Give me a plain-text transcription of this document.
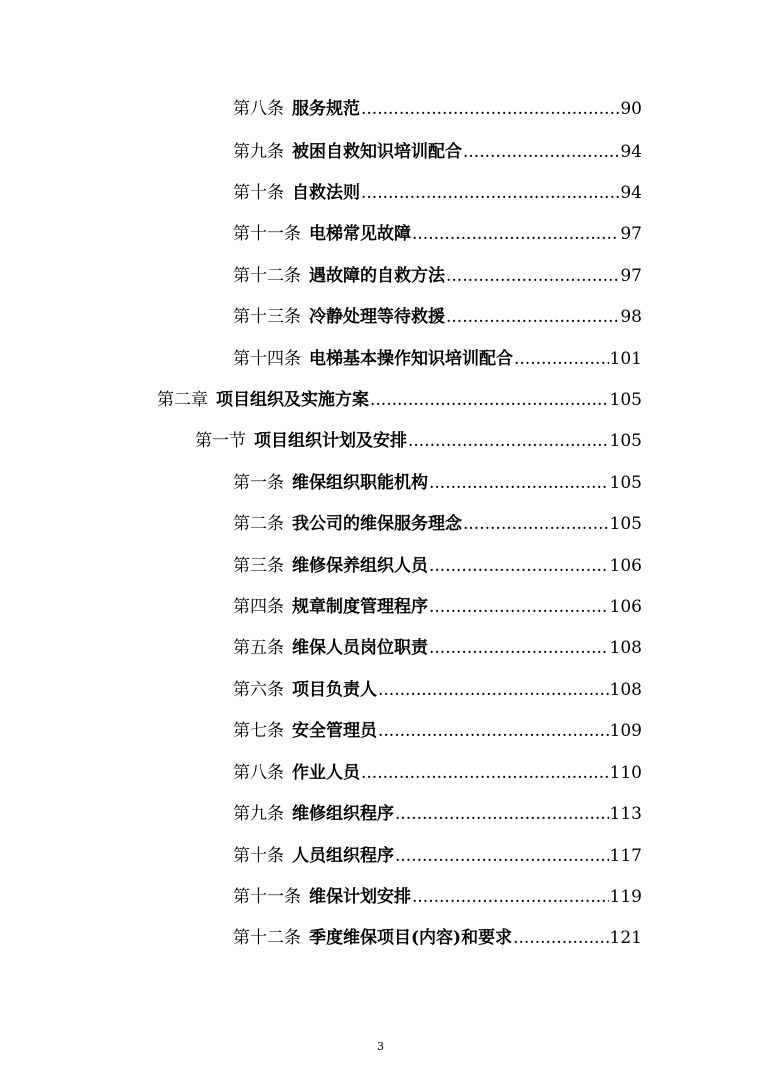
第八条 服务规范 .....	90
第九条 被困自救知识培训配合 .....	94
第十条 自救法则 .....	94
第十一条 电梯常见故障 .....	97
第十二条 遇故障的自救方法 .....	97
第十三条 冷静处理等待救援 .....	98
第十四条 电梯基本操作知识培训配合 .....	101
第二章 项目组织及实施方案 .....	105
第一节 项目组织计划及安排 .....	105
第一条 维保组织职能机构 .....	105
第二条 我公司的维保服务理念 .....	105
第三条 维修保养组织人员 .....	106
第四条 规章制度管理程序 .....	106
第五条 维保人员岗位职责 .....	108
第六条 项目负责人 .....	108
第七条 安全管理员 .....	109
第八条 作业人员 .....	110
第九条 维修组织程序 .....	113
第十条 人员组织程序 .....	117
第十一条 维保计划安排 .....	119
第十二条 季度维保项目(内容)和要求 .....	121
3
